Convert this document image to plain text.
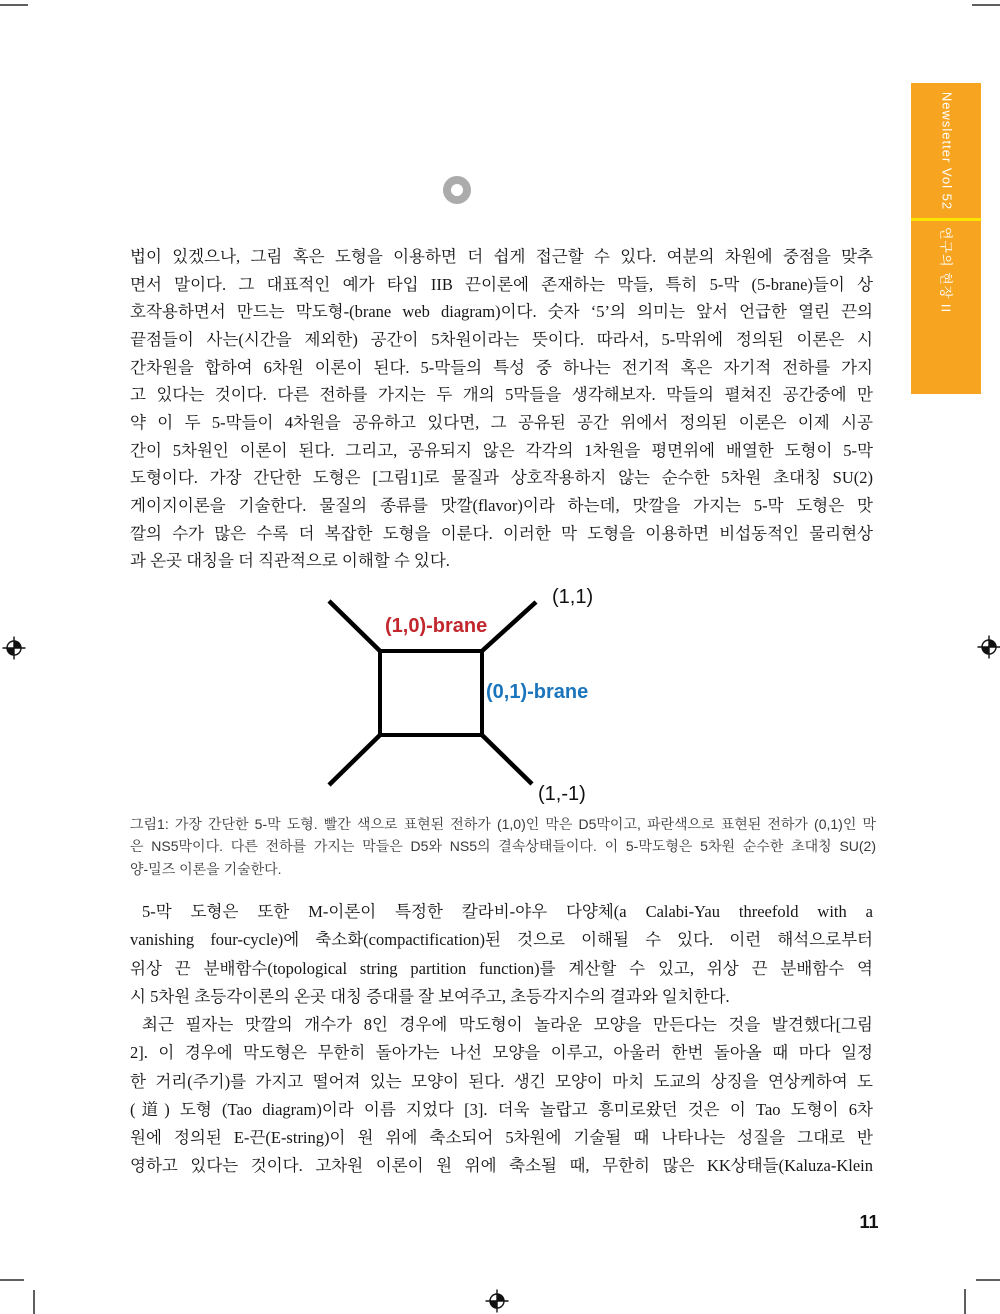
Newsletter Vol 52
연구의 현장 II
법이 있겠으나, 그림 혹은 도형을 이용하면 더 쉽게 접근할 수 있다. 여분의 차원에 중점을 맞추
면서 말이다. 그 대표적인 예가 타입 IIB 끈이론에 존재하는 막들, 특히 5-막 (5-brane)들이 상
호작용하면서 만드는 막도형-(brane web diagram)이다. 숫자 ‘5’의 의미는 앞서 언급한 열린 끈의
끝점들이 사는(시간을 제외한) 공간이 5차원이라는 뜻이다. 따라서, 5-막위에 정의된 이론은 시
간차원을 합하여 6차원 이론이 된다. 5-막들의 특성 중 하나는 전기적 혹은 자기적 전하를 가지
고 있다는 것이다. 다른 전하를 가지는 두 개의 5막들을 생각해보자. 막들의 펼쳐진 공간중에 만
약 이 두 5-막들이 4차원을 공유하고 있다면, 그 공유된 공간 위에서 정의된 이론은 이제 시공
간이 5차원인 이론이 된다. 그리고, 공유되지 않은 각각의 1차원을 평면위에 배열한 도형이 5-막
도형이다. 가장 간단한 도형은 [그림1]로 물질과 상호작용하지 않는 순수한 5차원 초대칭 SU(2)
게이지이론을 기술한다. 물질의 종류를 맛깔(flavor)이라 하는데, 맛깔을 가지는 5-막 도형은 맛
깔의 수가 많은 수록 더 복잡한 도형을 이룬다. 이러한 막 도형을 이용하면 비섭동적인 물리현상
과 온곳 대칭을 더 직관적으로 이해할 수 있다.
(1,0)-brane
(0,1)-brane
(1,1)
(1,-1)
그림1: 가장 간단한 5-막 도형. 빨간 색으로 표현된 전하가 (1,0)인 막은 D5막이고, 파란색으로 표현된 전하가 (0,1)인 막
은 NS5막이다. 다른 전하를 가지는 막들은 D5와 NS5의 결속상태들이다. 이 5-막도형은 5차원 순수한 초대칭 SU(2)
양-밀즈 이론을 기술한다.
5-막 도형은 또한 M-이론이 특정한 칼라비-야우 다양체(a Calabi-Yau threefold with a
vanishing four-cycle)에 축소화(compactification)된 것으로 이해될 수 있다. 이런 해석으로부터
위상 끈 분배함수(topological string partition function)를 계산할 수 있고, 위상 끈 분배함수 역
시 5차원 초등각이론의 온곳 대칭 증대를 잘 보여주고, 초등각지수의 결과와 일치한다.
최근 필자는 맛깔의 개수가 8인 경우에 막도형이 놀라운 모양을 만든다는 것을 발견했다[그림
2]. 이 경우에 막도형은 무한히 돌아가는 나선 모양을 이루고, 아울러 한번 돌아올 때 마다 일정
한 거리(주기)를 가지고 떨어져 있는 모양이 된다. 생긴 모양이 마치 도교의 상징을 연상케하여 도
(道) 도형 (Tao diagram)이라 이름 지었다 [3]. 더욱 놀랍고 흥미로왔던 것은 이 Tao 도형이 6차
원에 정의된 E-끈(E-string)이 원 위에 축소되어 5차원에 기술될 때 나타나는 성질을 그대로 반
영하고 있다는 것이다. 고차원 이론이 원 위에 축소될 때, 무한히 많은 KK상태들(Kaluza-Klein
11
